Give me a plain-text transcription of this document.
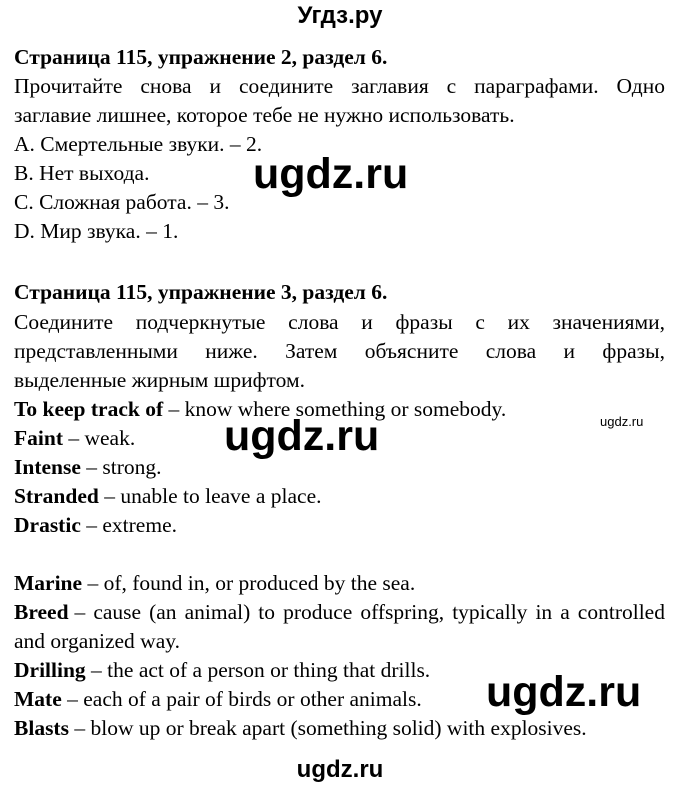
Угдз.ру
Страница 115, упражнение 2, раздел 6.
Прочитайте снова и соедините заглавия с параграфами. Одно
заглавие лишнее, которое тебе не нужно использовать.
A. Смертельные звуки. – 2.
B. Нет выхода.
C. Сложная работа. – 3.
D. Мир звука. – 1.
Страница 115, упражнение 3, раздел 6.
Соедините подчеркнутые слова и фразы с их значениями,
представленными ниже. Затем объясните слова и фразы,
выделенные жирным шрифтом.
To keep track of – know where something or somebody.
Faint – weak.
Intense – strong.
Stranded – unable to leave a place.
Drastic – extreme.
Marine – of, found in, or produced by the sea.
Breed – cause (an animal) to produce offspring, typically in a controlled
and organized way.
Drilling – the act of a person or thing that drills.
Mate – each of a pair of birds or other animals.
Blasts – blow up or break apart (something solid) with explosives.
ugdz.ru
ugdz.ru
ugdz.ru
ugdz.ru
ugdz.ru
